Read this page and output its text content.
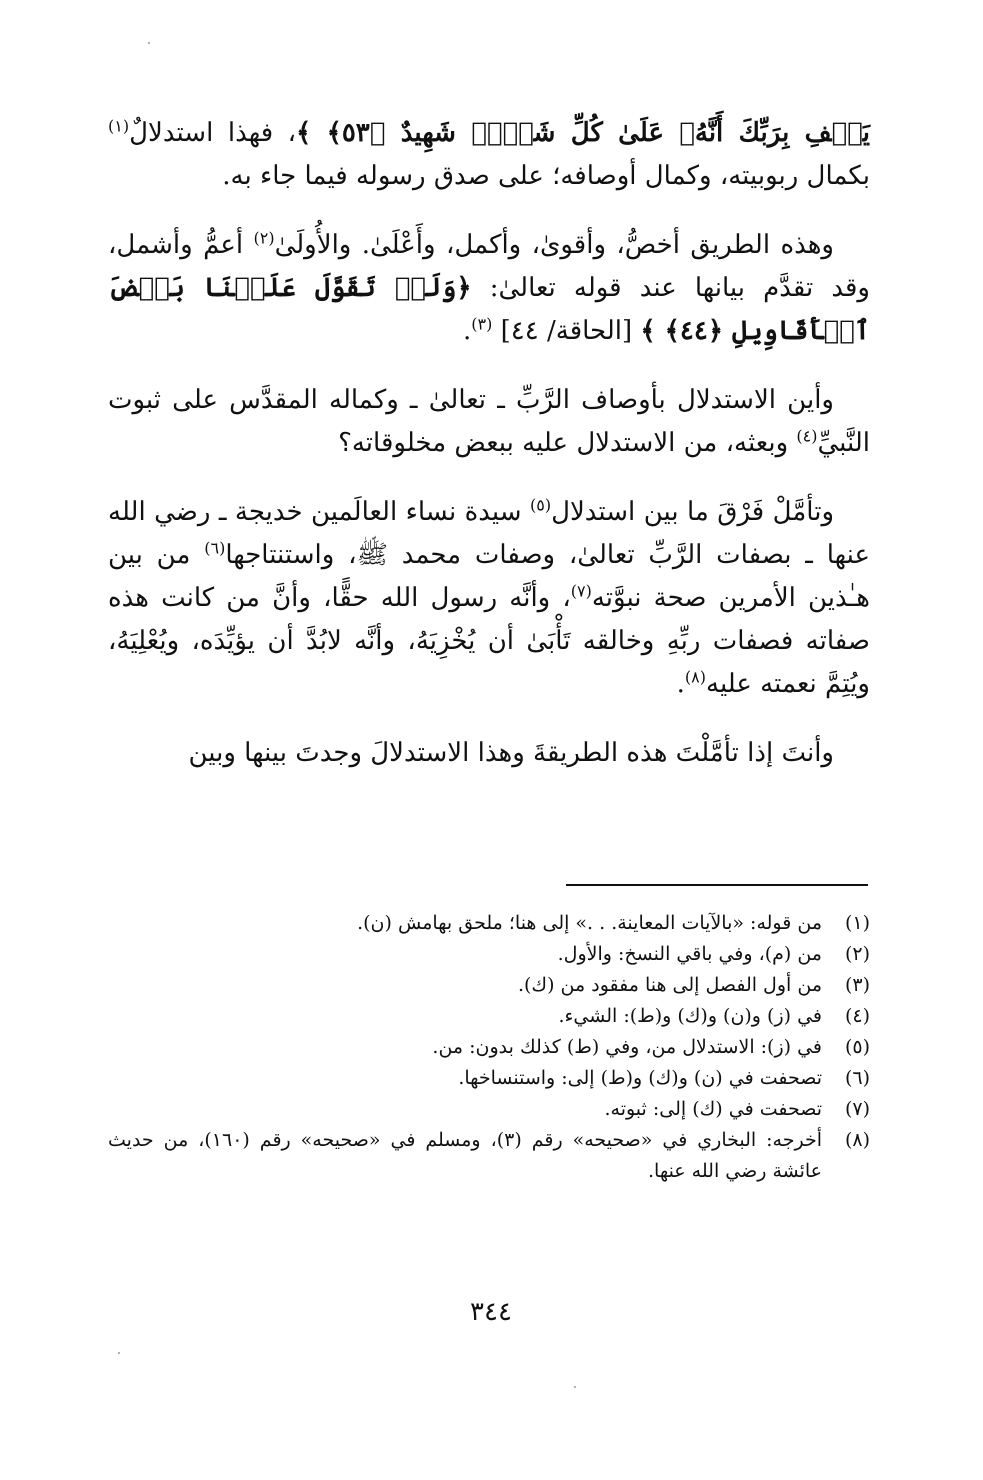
يَكۡفِ بِرَبِّكَ أَنَّهُۥ عَلَىٰ كُلِّ شَيۡءٖ شَهِيدٌ ﴿٥٣﴾ ﴾، فهذا استدلالٌ$^{(١)}$ بكمال ربوبيته، وكمال أوصافه؛ على صدق رسوله فيما جاء به.

وهذه الطريق أخصُّ، وأقوىٰ، وأكمل، وأَعْلَىٰ. والأُولَىٰ$^{(٢)}$ أعمُّ وأشمل، وقد تقدَّم بيانها عند قوله تعالىٰ: ﴿وَلَوۡ تَقَوَّلَ عَلَيۡنَا بَعۡضَ ٱلۡأَقَاوِيلِ ﴿٤٤﴾ ﴾ [الحاقة/ ٤٤] $^{(٣)}$.

وأين الاستدلال بأوصاف الرَّبِّ ـ تعالىٰ ـ وكماله المقدَّس على ثبوت النَّبيِّ$^{(٤)}$ وبعثه، من الاستدلال عليه ببعض مخلوقاته؟

وتأمَّلْ فَرْقَ ما بين استدلال$^{(٥)}$ سيدة نساء العالَمين خديجة ـ رضي الله عنها ـ بصفات الرَّبِّ تعالىٰ، وصفات محمد ﷺ، واستنتاجها$^{(٦)}$ من بين هـٰذين الأمرين صحة نبوَّته$^{(٧)}$، وأنَّه رسول الله حقًّا، وأنَّ من كانت هذه صفاته فصفات ربِّهِ وخالقه تَأْبَىٰ أن يُخْزِيَهُ، وأنَّه لابُدَّ أن يؤيِّدَه، ويُعْلِيَهُ، ويُتِمَّ نعمته عليه$^{(٨)}$.

وأنتَ إذا تأمَّلْتَ هذه الطريقةَ وهذا الاستدلالَ وجدتَ بينها وبين

(١)
من قوله: «بالآيات المعاينة. . .» إلى هنا؛ ملحق بهامش (ن).
(٢)
من (م)، وفي باقي النسخ: والأول.
(٣)
من أول الفصل إلى هنا مفقود من (ك).
(٤)
في (ز) و(ن) و(ك) و(ط): الشيء.
(٥)
في (ز): الاستدلال من، وفي (ط) كذلك بدون: من.
(٦)
تصحفت في (ن) و(ك) و(ط) إلى: واستنساخها.
(٧)
تصحفت في (ك) إلى: ثبوته.
(٨)
أخرجه: البخاري في «صحيحه» رقم (٣)، ومسلم في «صحيحه» رقم (١٦٠)، من حديث عائشة رضي الله عنها.
٣٤٤
